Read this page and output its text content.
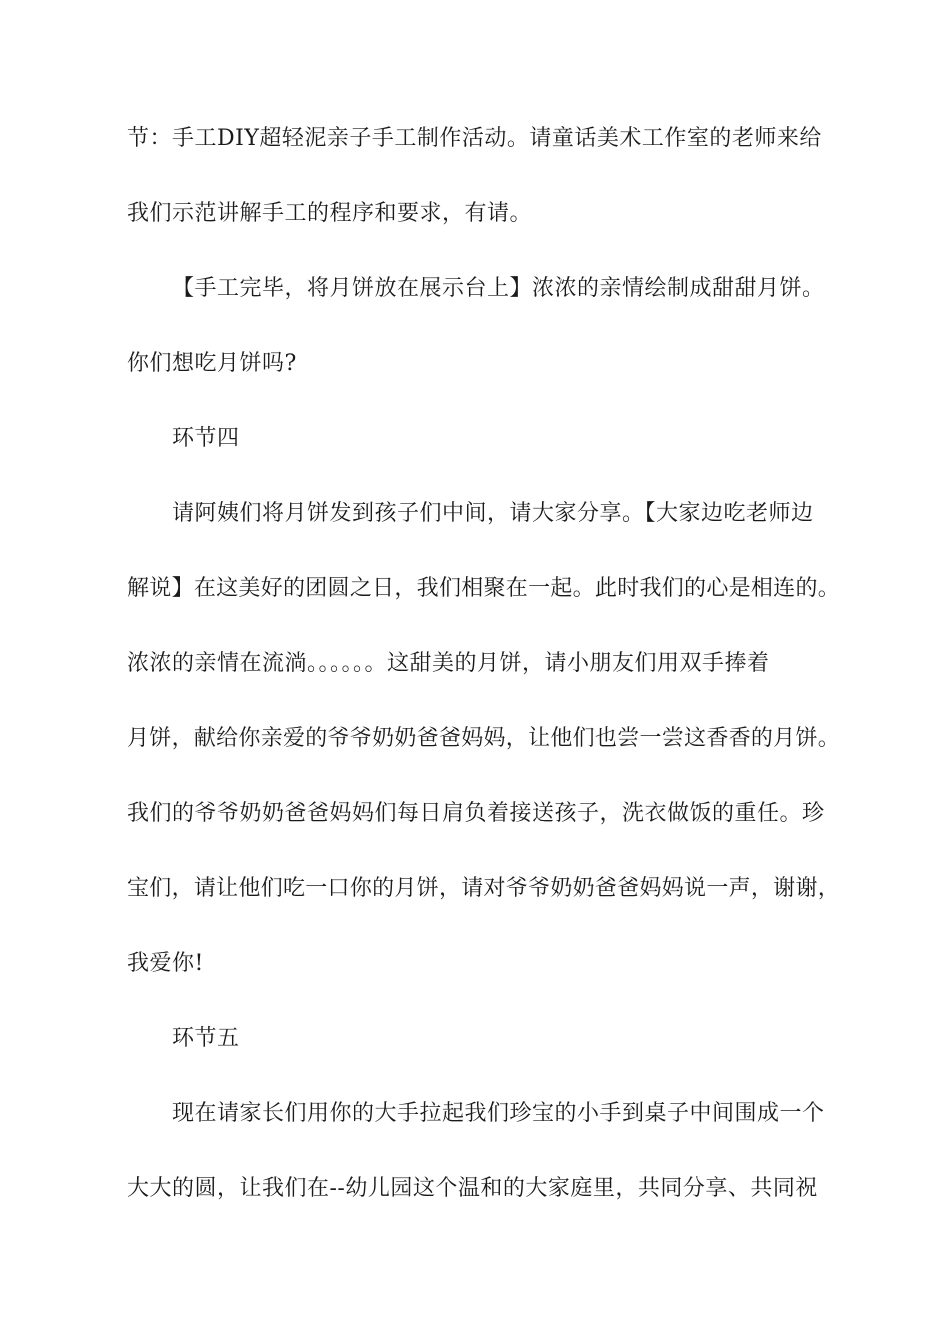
节：手工DIY超轻泥亲子手工制作活动。请童话美术工作室的老师来给
我们示范讲解手工的程序和要求，有请。
【手工完毕，将月饼放在展示台上】浓浓的亲情绘制成甜甜月饼。
你们想吃月饼吗?
环节四
请阿姨们将月饼发到孩子们中间，请大家分享。【大家边吃老师边
解说】在这美好的团圆之日，我们相聚在一起。此时我们的心是相连的。
浓浓的亲情在流淌。。。。。。这甜美的月饼，请小朋友们用双手捧着
月饼，献给你亲爱的爷爷奶奶爸爸妈妈，让他们也尝一尝这香香的月饼。
我们的爷爷奶奶爸爸妈妈们每日肩负着接送孩子，洗衣做饭的重任。珍
宝们，请让他们吃一口你的月饼，请对爷爷奶奶爸爸妈妈说一声，谢谢，
我爱你!
环节五
现在请家长们用你的大手拉起我们珍宝的小手到桌子中间围成一个
大大的圆，让我们在--幼儿园这个温和的大家庭里，共同分享、共同祝
